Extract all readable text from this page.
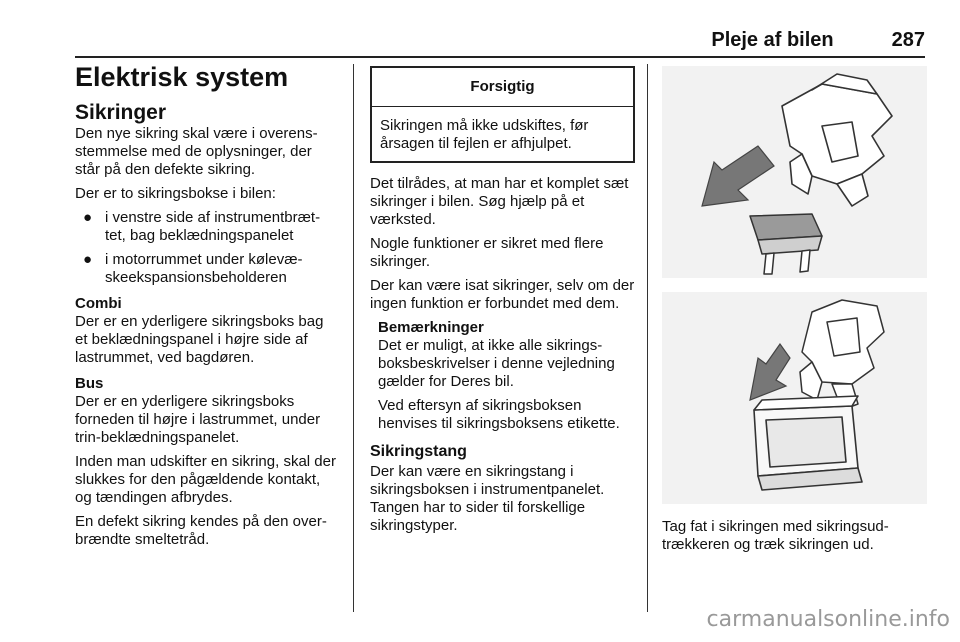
Pleje af bilen	287
Elektrisk system
Sikringer

Den nye sikring skal være i overens-stemmelse med de oplysninger, der står på den defekte sikring.

Der er to sikringsbokse i bilen:

● i venstre side af instrumentbræt-tet, bag beklædningspanelet
● i motorrummet under kølevæ-skeekspansionsbeholderen
Combi

Der er en yderligere sikringsboks bag et beklædningspanel i højre side af lastrummet, ved bagdøren.

Bus

Der er en yderligere sikringsboks forneden til højre i lastrummet, under trin-beklædningspanelet.

Inden man udskifter en sikring, skal der slukkes for den pågældende kontakt, og tændingen afbrydes.

En defekt sikring kendes på den over-brændte smeltetråd.

Forsigtig
Sikringen må ikke udskiftes, før årsagen til fejlen er afhjulpet.

Det tilrådes, at man har et komplet sæt sikringer i bilen. Søg hjælp på et værksted.

Nogle funktioner er sikret med flere sikringer.

Der kan være isat sikringer, selv om der ingen funktion er forbundet med dem.

Bemærkninger

Det er muligt, at ikke alle sikrings-boksbeskrivelser i denne vejledning gælder for Deres bil.

Ved eftersyn af sikringsboksen henvises til sikringsboksens etikette.

Sikringstang

Der kan være en sikringstang i sikringsboksen i instrumentpanelet. Tangen har to sider til forskellige sikringstyper.	Tag fat i sikringen med sikringsud-trækkeren og træk sikringen ud.

carmanualsonline.info
